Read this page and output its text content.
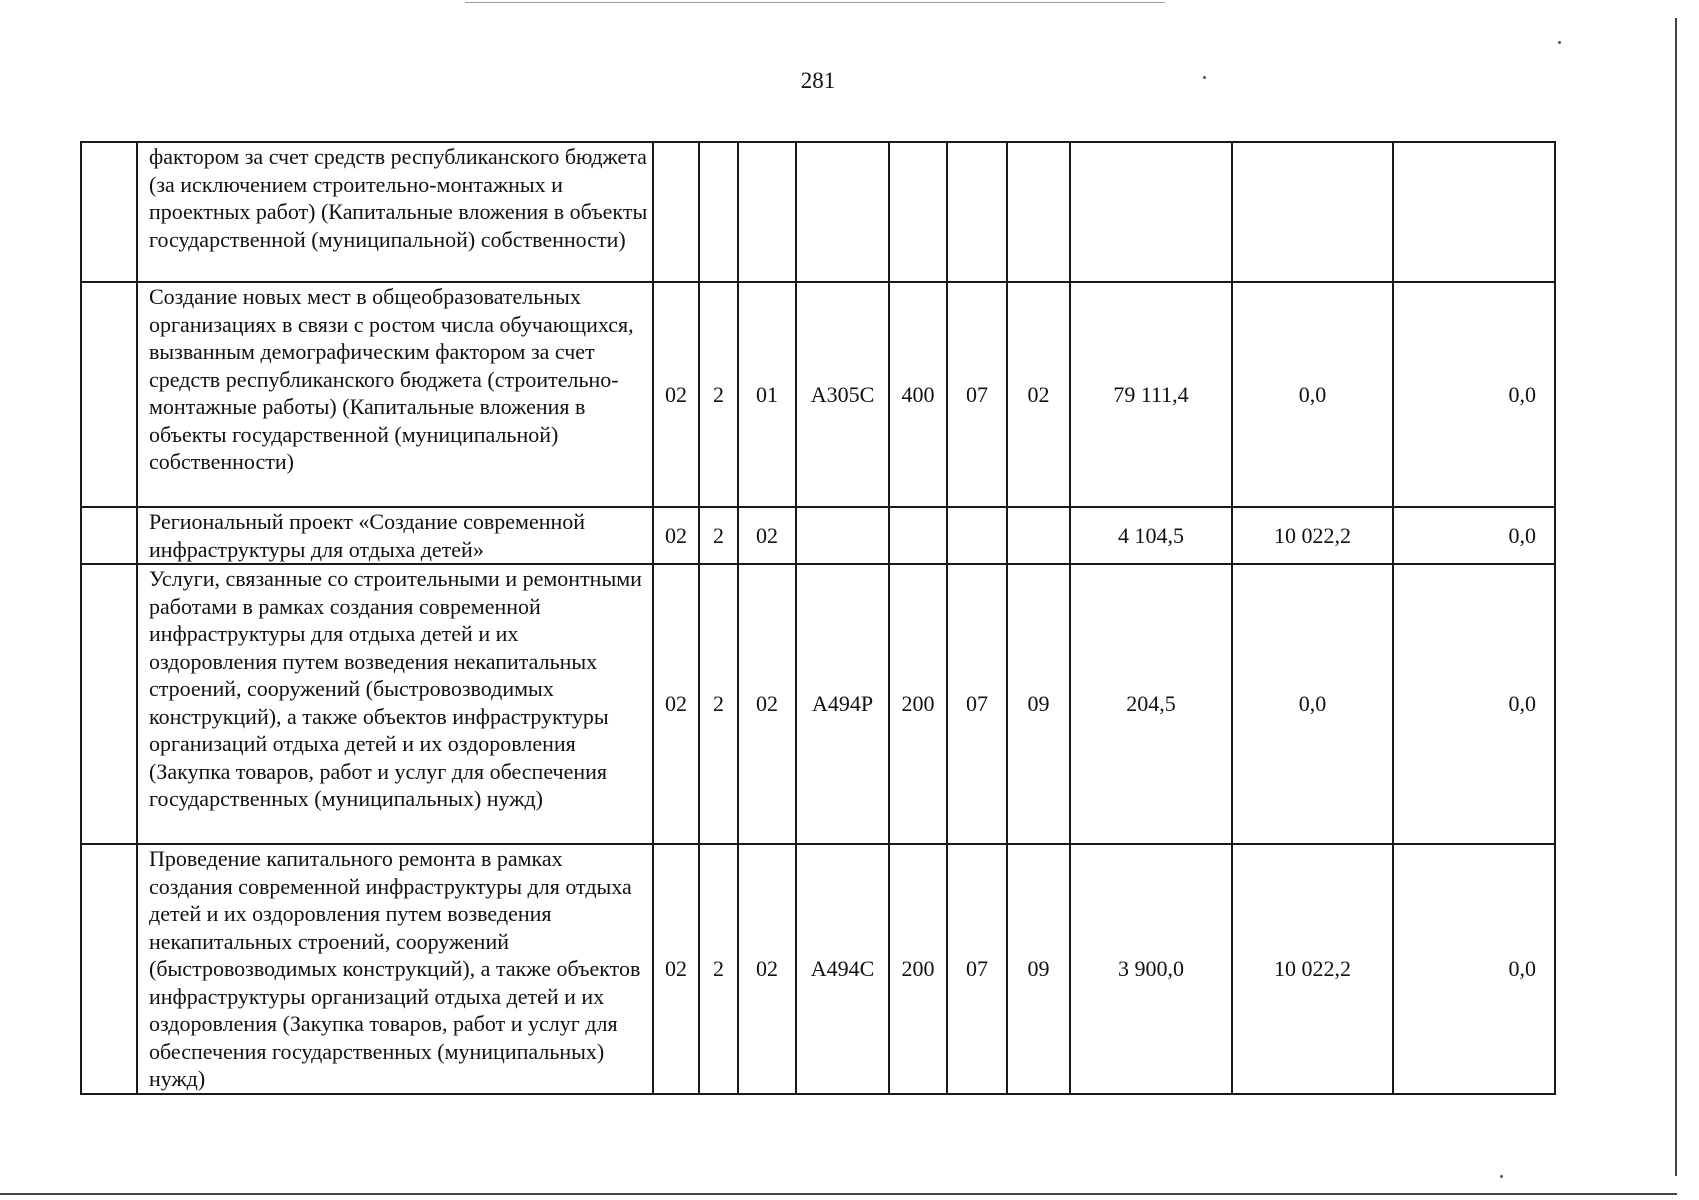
281
	фактором за счет средств республиканского бюджета (за исключением строительно-монтажных и проектных работ) (Капитальные вложения в объекты государственной (муниципальной) собственности)										
	Создание новых мест в общеобразовательных организациях в связи с ростом числа обучающихся, вызванным демографическим фактором за счет средств республиканского бюджета (строительно-монтажные работы) (Капитальные вложения в объекты государственной (муниципальной) собственности)	02	2	01	А305С	400	07	02	79 111,4	0,0	0,0
	Региональный проект «Создание современной инфраструктуры для отдыха детей»	02	2	02					4 104,5	10 022,2	0,0
	Услуги, связанные со строительными и ремонтными работами в рамках создания современной инфраструктуры для отдыха детей и их оздоровления путем возведения некапитальных строений, сооружений (быстровозводимых конструкций), а также объектов инфраструктуры организаций отдыха детей и их оздоровления (Закупка товаров, работ и услуг для обеспечения государственных (муниципальных) нужд)	02	2	02	А494Р	200	07	09	204,5	0,0	0,0
	Проведение капитального ремонта в рамках создания современной инфраструктуры для отдыха детей и их оздоровления путем возведения некапитальных строений, сооружений (быстровозводимых конструкций), а также объектов инфраструктуры организаций отдыха детей и их оздоровления (Закупка товаров, работ и услуг для обеспечения государственных (муниципальных) нужд)	02	2	02	А494С	200	07	09	3 900,0	10 022,2	0,0
